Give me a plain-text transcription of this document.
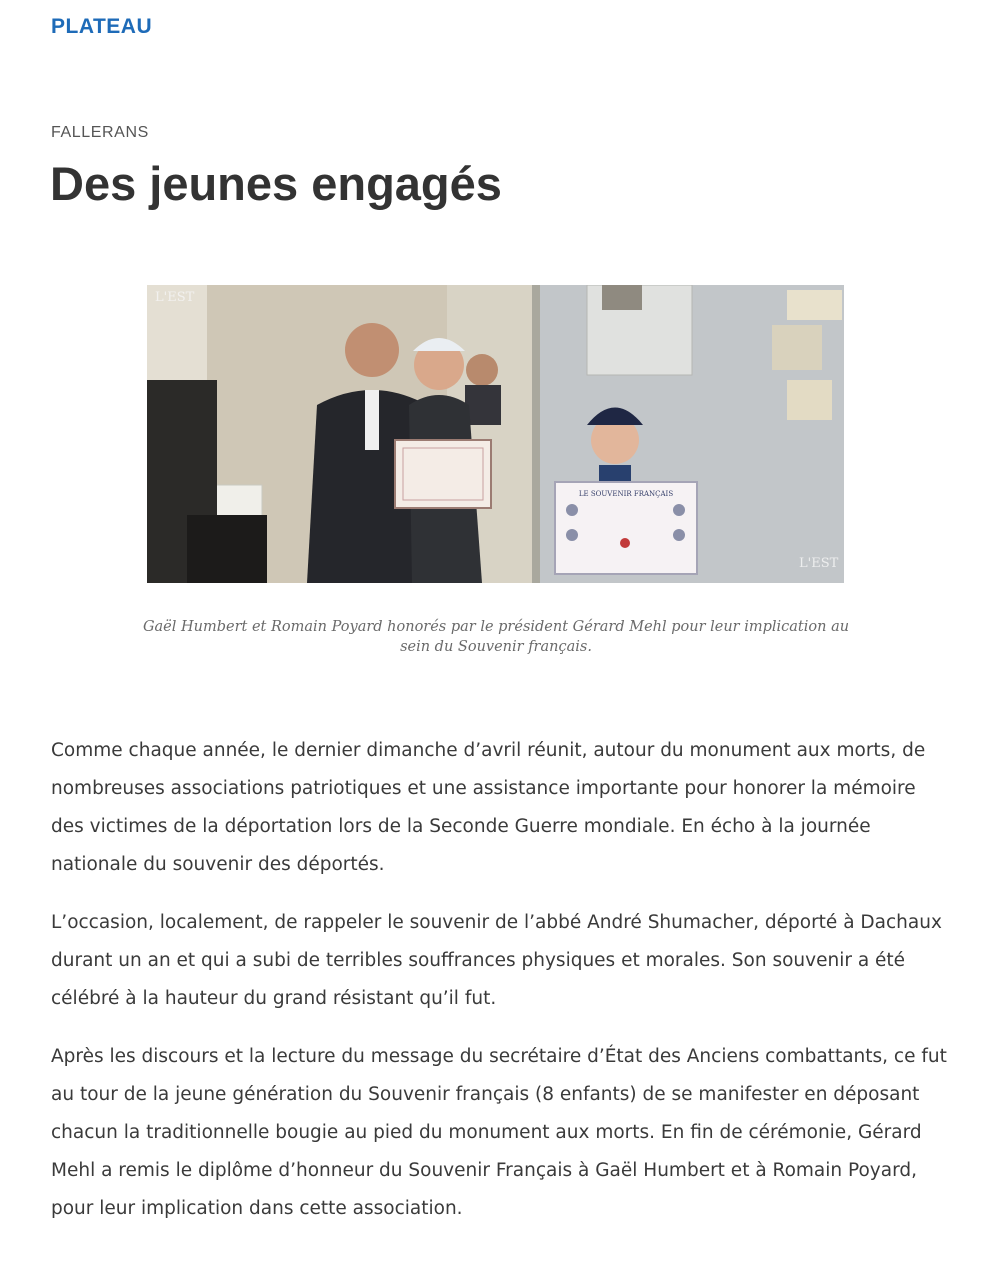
PLATEAU
FALLERANS
Des jeunes engagés
LE SOUVENIR FRANÇAIS
L'EST
L'EST
Gaël Humbert et Romain Poyard honorés par le président Gérard Mehl pour leur implication au sein du Souvenir français.

Comme chaque année, le dernier dimanche d’avril réunit, autour du monument aux morts, de nombreuses associations patriotiques et une assistance importante pour honorer la mémoire des victimes de la déportation lors de la Seconde Guerre mondiale. En écho à la journée nationale du souvenir des déportés.

L’occasion, localement, de rappeler le souvenir de l’abbé André Shumacher, déporté à Dachaux durant un an et qui a subi de terribles souffrances physiques et morales. Son souvenir a été célébré à la hauteur du grand résistant qu’il fut.

Après les discours et la lecture du message du secrétaire d’État des Anciens combattants, ce fut au tour de la jeune génération du Souvenir français (8 enfants) de se manifester en déposant chacun la traditionnelle bougie au pied du monument aux morts. En fin de cérémonie, Gérard Mehl a remis le diplôme d’honneur du Souvenir Français à Gaël Humbert et à Romain Poyard, pour leur implication dans cette association.
